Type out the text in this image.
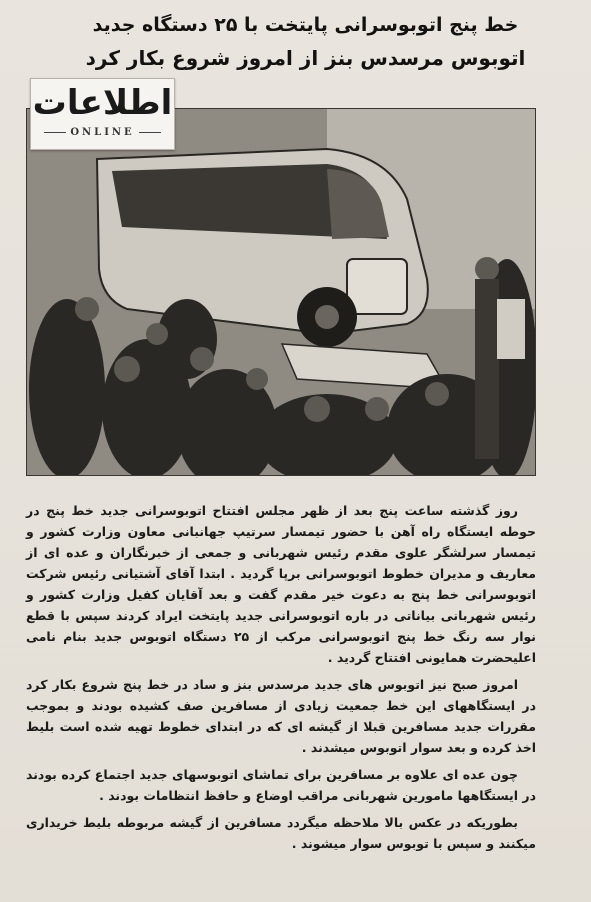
خط پنج اتوبوسرانی پایتخت با ۲۵ دستگاه جدید
اتوبوس مرسدس بنز از امروز شروع بکار کرد
اطلاعات
ONLINE

روز گذشته ساعت پنج بعد از ظهر مجلس افتتاح اتوبوسرانی جدید خط پنج در حوطه ایستگاه راه آهن با حضور تیمسار سرتیپ جهانبانی معاون وزارت کشور و تیمسار سرلشگر علوی مقدم رئیس شهربانی و جمعی از خبرنگاران و عده ای از معاریف و مدیران خطوط اتوبوسرانی برپا گردید . ابتدا آقای آشتیانی رئیس شرکت اتوبوسرانی خط پنج به دعوت خیر مقدم گفت و بعد آقایان کفیل وزارت کشور و رئیس شهربانی بیاناتی در باره اتوبوسرانی جدید پایتخت ایراد کردند سپس با قطع نوار سه رنگ خط پنج اتوبوسرانی مرکب از ۲۵ دستگاه اتوبوس جدید بنام نامی اعلیحضرت همایونی افتتاح گردید .

امروز صبح نیز اتوبوس های جدید مرسدس بنز و ساد در خط پنج شروع بکار کرد در ایستگاههای این خط جمعیت زیادی از مسافرین صف کشیده بودند و بموجب مقررات جدید مسافرین قبلا از گیشه ای که در ابتدای خطوط تهیه شده است بلیط اخذ کرده و بعد سوار اتوبوس میشدند .

چون عده ای علاوه بر مسافرین برای تماشای اتوبوسهای جدید اجتماع کرده بودند در ایستگاهها مامورین شهربانی مراقب اوضاع و حافظ انتظامات بودند .

بطوریکه در عکس بالا ملاحظه میگردد مسافرین از گیشه مربوطه بلیط خریداری میکنند و سپس با توبوس سوار میشوند .
